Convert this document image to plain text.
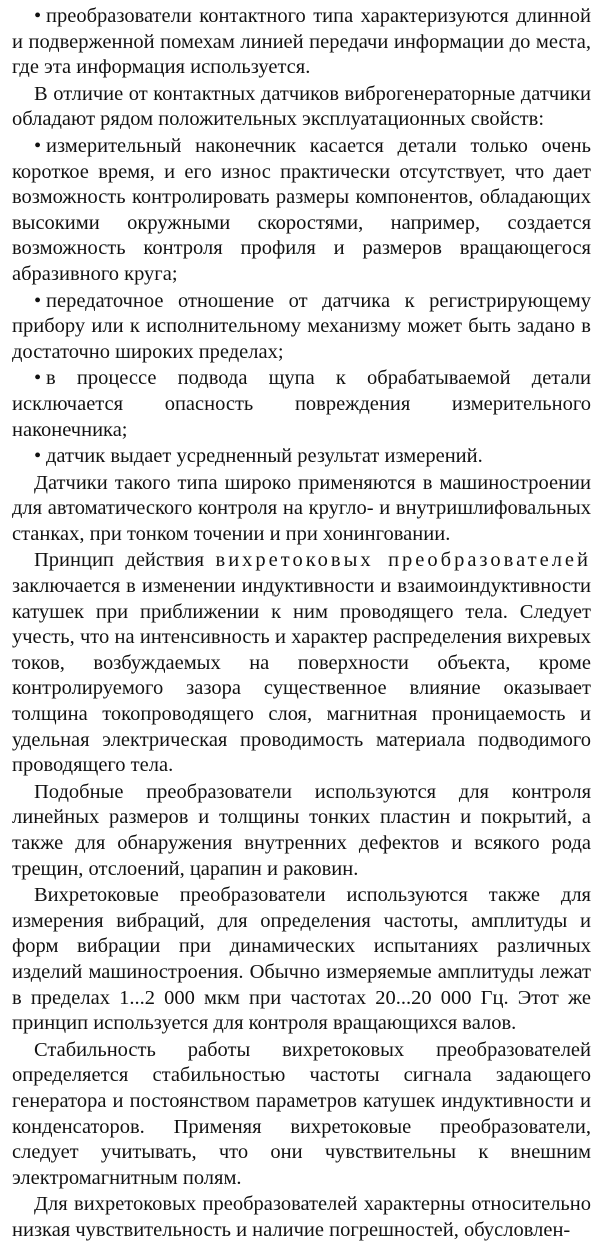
• преобразователи контактного типа характеризуются длинной и подверженной помехам линией передачи информации до места, где эта информация используется.

В отличие от контактных датчиков виброгенераторные датчики обладают рядом положительных эксплуатационных свойств:

• измерительный наконечник касается детали только очень короткое время, и его износ практически отсутствует, что дает возможность контролировать размеры компонентов, обладающих высокими окружными скоростями, например, создается возможность контроля профиля и размеров вращающегося абразивного круга;

• передаточное отношение от датчика к регистрирующему прибору или к исполнительному механизму может быть задано в достаточно широких пределах;

• в процессе подвода щупа к обрабатываемой детали исключается опасность повреждения измерительного наконечника;

• датчик выдает усредненный результат измерений.

Датчики такого типа широко применяются в машиностроении для автоматического контроля на кругло- и внутришлифовальных станках, при тонком точении и при хонинговании.

Принцип действия вихретоковых преобразователей заключается в изменении индуктивности и взаимоиндуктивности катушек при приближении к ним проводящего тела. Следует учесть, что на интенсивность и характер распределения вихревых токов, возбуждаемых на поверхности объекта, кроме контролируемого зазора существенное влияние оказывает толщина токопроводящего слоя, магнитная проницаемость и удельная электрическая проводимость материала подводимого проводящего тела.

Подобные преобразователи используются для контроля линейных размеров и толщины тонких пластин и покрытий, а также для обнаружения внутренних дефектов и всякого рода трещин, отслоений, царапин и раковин.

Вихретоковые преобразователи используются также для измерения вибраций, для определения частоты, амплитуды и форм вибрации при динамических испытаниях различных изделий машиностроения. Обычно измеряемые амплитуды лежат в пределах 1...2 000 мкм при частотах 20...20 000 Гц. Этот же принцип используется для контроля вращающихся валов.

Стабильность работы вихретоковых преобразователей определяется стабильностью частоты сигнала задающего генератора и постоянством параметров катушек индуктивности и конденсаторов. Применяя вихретоковые преобразователи, следует учитывать, что они чувствительны к внешним электромагнитным полям.

Для вихретоковых преобразователей характерны относительно низкая чувствительность и наличие погрешностей, обусловлен-
